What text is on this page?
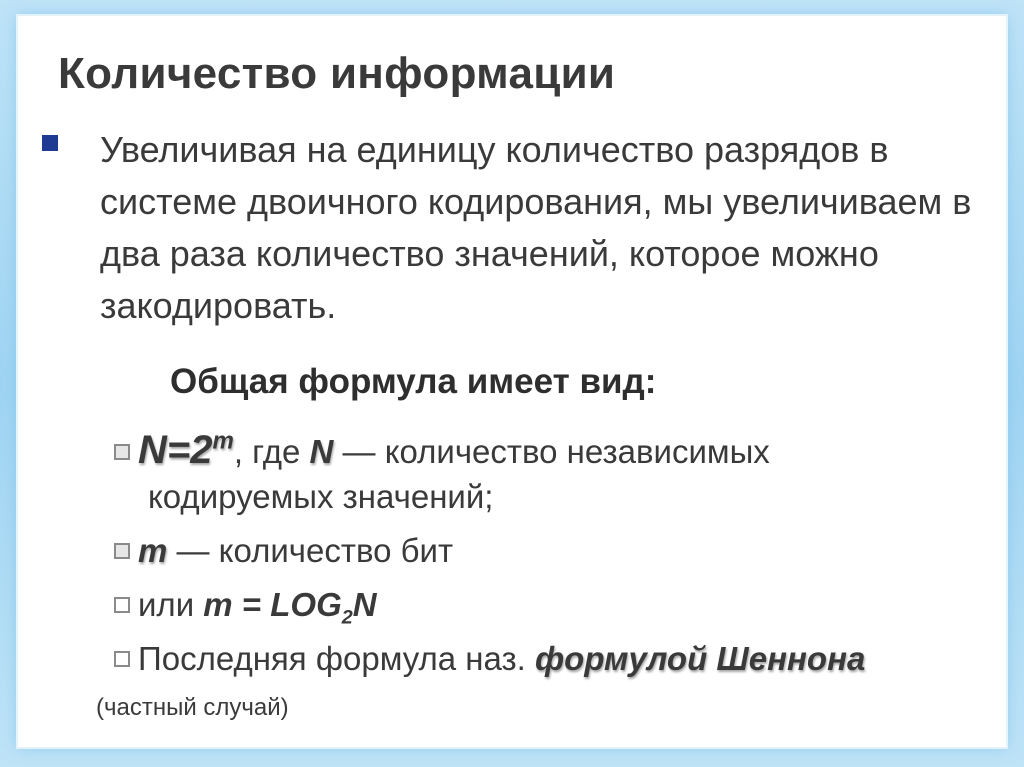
Количество информации
Увеличивая на единицу количество разрядов в системе двоичного кодирования, мы увеличиваем в два раза количество значений, которое можно закодировать.
Общая формула имеет вид:
$N=2^m$, где N — количество независимых
кодируемых значений;
m — количество бит
или $m = LOG_2N$
Последняя формула наз. формулой Шеннона
(частный случай)
